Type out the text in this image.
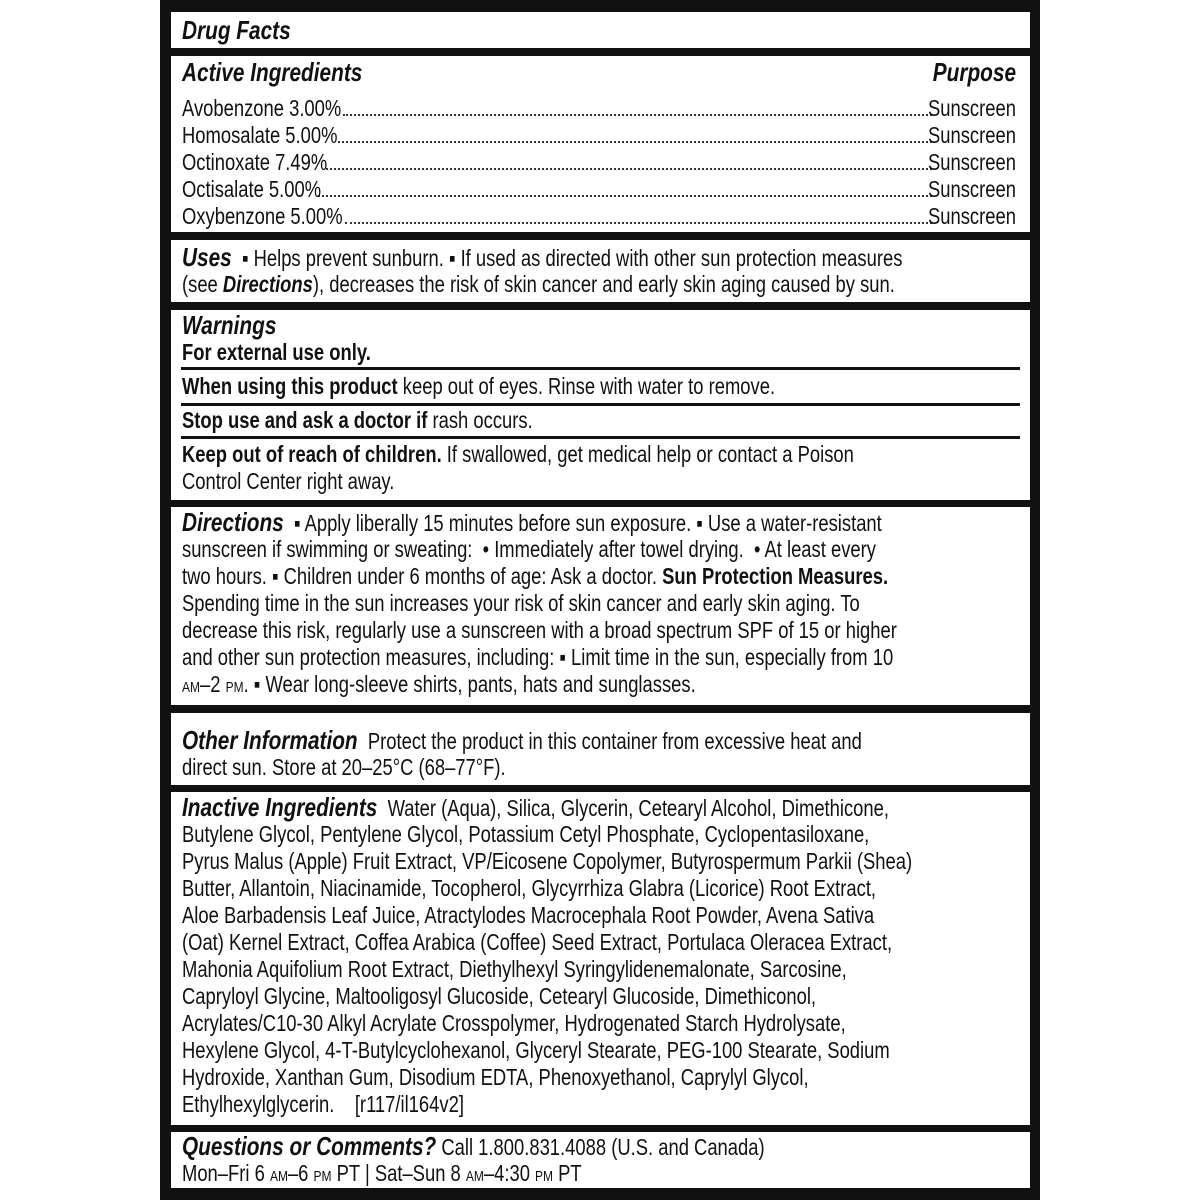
Drug Facts
Active Ingredients	Purpose
Avobenzone 3.00%	Sunscreen
Homosalate 5.00%	Sunscreen
Octinoxate 7.49%	Sunscreen
Octisalate 5.00%	Sunscreen
Oxybenzone 5.00%	Sunscreen
Uses  ▪ Helps prevent sunburn. ▪ If used as directed with other sun protection measures
(see Directions), decreases the risk of skin cancer and early skin aging caused by sun.
Warnings
For external use only.
When using this product keep out of eyes. Rinse with water to remove.
Stop use and ask a doctor if rash occurs.
Keep out of reach of children. If swallowed, get medical help or contact a Poison
Control Center right away.
Directions  ▪ Apply liberally 15 minutes before sun exposure. ▪ Use a water-resistant
sunscreen if swimming or sweating:  • Immediately after towel drying.  • At least every
two hours. ▪ Children under 6 months of age: Ask a doctor. Sun Protection Measures.
Spending time in the sun increases your risk of skin cancer and early skin aging. To
decrease this risk, regularly use a sunscreen with a broad spectrum SPF of 15 or higher
and other sun protection measures, including: ▪ Limit time in the sun, especially from 10
AM–2 PM. ▪ Wear long-sleeve shirts, pants, hats and sunglasses.
Other Information  Protect the product in this container from excessive heat and
direct sun. Store at 20–25°C (68–77°F).
Inactive Ingredients  Water (Aqua), Silica, Glycerin, Cetearyl Alcohol, Dimethicone,
Butylene Glycol, Pentylene Glycol, Potassium Cetyl Phosphate, Cyclopentasiloxane,
Pyrus Malus (Apple) Fruit Extract, VP/Eicosene Copolymer, Butyrospermum Parkii (Shea)
Butter, Allantoin, Niacinamide, Tocopherol, Glycyrrhiza Glabra (Licorice) Root Extract,
Aloe Barbadensis Leaf Juice, Atractylodes Macrocephala Root Powder, Avena Sativa
(Oat) Kernel Extract, Coffea Arabica (Coffee) Seed Extract, Portulaca Oleracea Extract,
Mahonia Aquifolium Root Extract, Diethylhexyl Syringylidenemalonate, Sarcosine,
Capryloyl Glycine, Maltooligosyl Glucoside, Cetearyl Glucoside, Dimethiconol,
Acrylates/C10-30 Alkyl Acrylate Crosspolymer, Hydrogenated Starch Hydrolysate,
Hexylene Glycol, 4-T-Butylcyclohexanol, Glyceryl Stearate, PEG-100 Stearate, Sodium
Hydroxide, Xanthan Gum, Disodium EDTA, Phenoxyethanol, Caprylyl Glycol,
Ethylhexylglycerin.    [r117/il164v2]
Questions or Comments? Call 1.800.831.4088 (U.S. and Canada)
Mon–Fri 6 AM–6 PM PT | Sat–Sun 8 AM–4:30 PM PT
